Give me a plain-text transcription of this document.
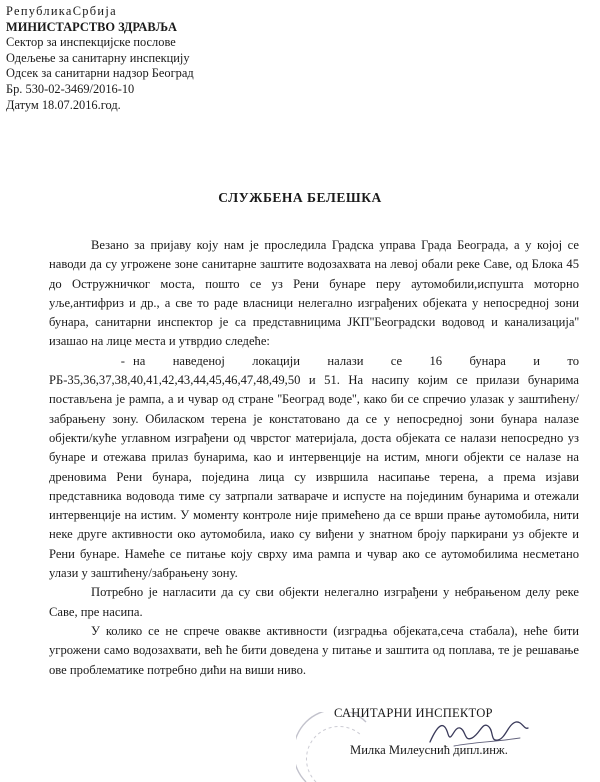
РепубликаСрбија
МИНИСТАРСТВО ЗДРАВЉА
Сектор за инспекцијске послове
Одељење за санитарну инспекцију
Одсек за санитарни надзор Београд
Бр. 530-02-3469/2016-10
Датум 18.07.2016.год.
СЛУЖБЕНА БЕЛЕШКА

Везано за пријаву коју нам је проследила Градска управа Града Београда, а у којој се наводи да су угрожене зоне санитарне заштите водозахвата на левој обали реке Саве, од Блока 45 до Остружничког моста, пошто се уз Рени бунаре перу аутомобили,испушта моторно уље,антифриз и др., а све то раде власници нелегално изграђених објеката у непосредној зони бунара, санитарни инспектор је са представницима ЈКП''Београдски водовод и канализација'' изашао на лице места и утврдио следеће:

- на наведеној локацији налази се 16 бунара и то РБ-35,36,37,38,40,41,42,43,44,45,46,47,48,49,50 и 51. На насипу којим се прилази бунарима постављена је рампа, а и чувар од стране ''Београд воде'', како би се спречио улазак у заштићену/забрањену зону. Обиласком терена је констатовано да се у непосредној зони бунара налазе објекти/куће углавном изграђени од чврстог материјала, доста објеката се налази непосредно уз бунаре и отежава прилаз бунарима, као и интервенције на истим, многи објекти се налазе на дреновима Рени бунара, поједина лица су извршила насипање терена, а према изјави представника водовода тиме су затрпали затвараче и испусте на појединим бунарима и отежали интервенције на истим. У моменту контроле није примећено да се врши прање аутомобила, нити неке друге активности око аутомобила, иако су виђени у знатном броју паркирани уз објекте и Рени бунаре. Намеће се питање коју сврху има рампа и чувар ако се аутомобилима несметано улази у заштићену/забрањену зону.

Потребно је нагласити да су сви објекти нелегално изграђени у небрањеном делу реке Саве, пре насипа.

У колико се не спрече овакве активности (изградња објеката,сеча стабала), неће бити угрожени само водозахвати, већ ће бити доведена у питање и заштита од поплава, те је решавање ове проблематике потребно дићи на виши ниво.

САНИТАРНИ ИНСПЕКТОР
Милка Милеуснић дипл.инж.
